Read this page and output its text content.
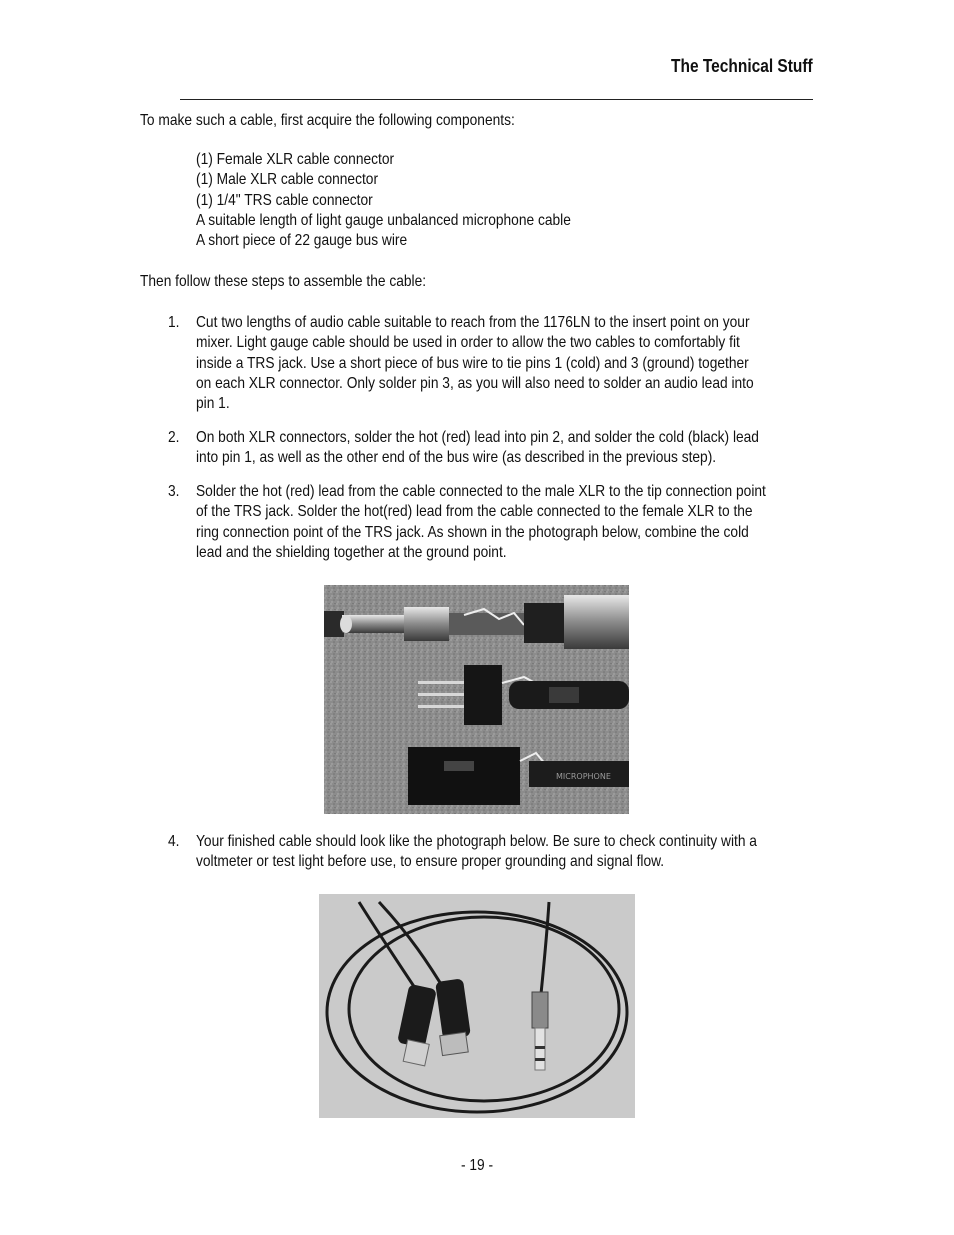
The Technical Stuff
To make such a cable, first acquire the following components:
(1) Female XLR cable connector
(1) Male XLR cable connector
(1) 1/4" TRS cable connector
A suitable length of light gauge unbalanced microphone cable
A short piece of 22 gauge bus wire
Then follow these steps to assemble the cable:
1. Cut two lengths of audio cable suitable to reach from the 1176LN to the insert point on your
mixer. Light gauge cable should be used in order to allow the two cables to comfortably fit
inside a TRS jack. Use a short piece of bus wire to tie pins 1 (cold) and 3 (ground) together
on each XLR connector. Only solder pin 3, as you will also need to solder an audio lead into
pin 1.
2. On both XLR connectors, solder the hot (red) lead into pin 2, and solder the cold (black) lead
into pin 1, as well as the other end of the bus wire (as described in the previous step).
3. Solder the hot (red) lead from the cable connected to the male XLR to the tip connection point
of the TRS jack. Solder the hot(red) lead from the cable connected to the female XLR to the
ring connection point of the TRS jack. As shown in the photograph below, combine the cold
lead and the shielding together at the ground point.
MICROPHONE
4. Your finished cable should look like the photograph below. Be sure to check continuity with a
voltmeter or test light before use, to ensure proper grounding and signal flow.
- 19 -
